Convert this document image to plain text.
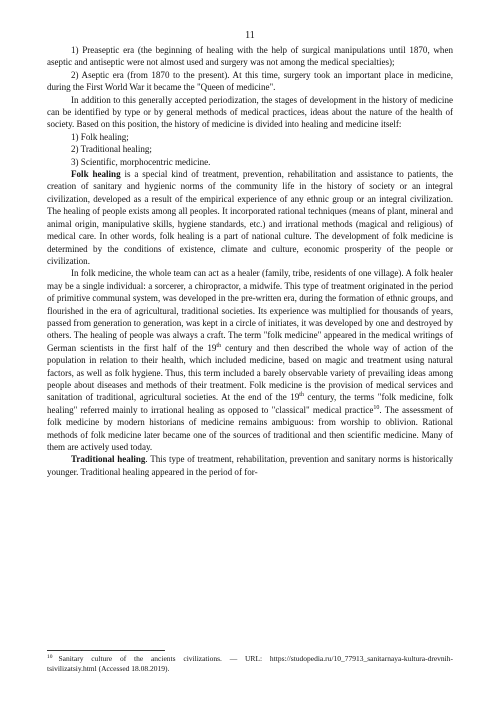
11

1) Preaseptic era (the beginning of healing with the help of surgical manipulations until 1870, when aseptic and antiseptic were not almost used and surgery was not among the medical specialties);

2) Aseptic era (from 1870 to the present). At this time, surgery took an important place in medicine, during the First World War it became the "Queen of medicine".

In addition to this generally accepted periodization, the stages of development in the history of medicine can be identified by type or by general methods of medical practices, ideas about the nature of the health of society. Based on this position, the history of medicine is divided into healing and medicine itself:

1) Folk healing;

2) Traditional healing;

3) Scientific, morphocentric medicine.

Folk healing is a special kind of treatment, prevention, rehabilitation and assistance to patients, the creation of sanitary and hygienic norms of the community life in the history of society or an integral civilization, developed as a result of the empirical experience of any ethnic group or an integral civilization. The healing of people exists among all peoples. It incorporated rational techniques (means of plant, mineral and animal origin, manipulative skills, hygiene standards, etc.) and irrational methods (magical and religious) of medical care. In other words, folk healing is a part of national culture. The development of folk medicine is determined by the conditions of existence, climate and culture, economic prosperity of the people or civilization.

In folk medicine, the whole team can act as a healer (family, tribe, residents of one village). A folk healer may be a single individual: a sorcerer, a chiropractor, a midwife. This type of treatment originated in the period of primitive communal system, was developed in the pre-written era, during the formation of ethnic groups, and flourished in the era of agricultural, traditional societies. Its experience was multiplied for thousands of years, passed from generation to generation, was kept in a circle of initiates, it was developed by one and destroyed by others. The healing of people was always a craft. The term "folk medicine" appeared in the medical writings of German scientists in the first half of the 19th century and then described the whole way of action of the population in relation to their health, which included medicine, based on magic and treatment using natural factors, as well as folk hygiene. Thus, this term included a barely observable variety of prevailing ideas among people about diseases and methods of their treatment. Folk medicine is the provision of medical services and sanitation of traditional, agricultural societies. At the end of the 19th century, the terms "folk medicine, folk healing" referred mainly to irrational healing as opposed to "classical" medical practice$^{10}$. The assessment of folk medicine by modern historians of medicine remains ambiguous: from worship to oblivion. Rational methods of folk medicine later became one of the sources of traditional and then scientific medicine. Many of them are actively used today.

Traditional healing. This type of treatment, rehabilitation, prevention and sanitary norms is historically younger. Traditional healing appeared in the period of for-

$^{10}$ Sanitary culture of the ancients civilizations. — URL: https://studopedia.ru/10_77913_sanitarnaya-kultura-drevnih-tsivilizatsiy.html (Accessed 18.08.2019).
